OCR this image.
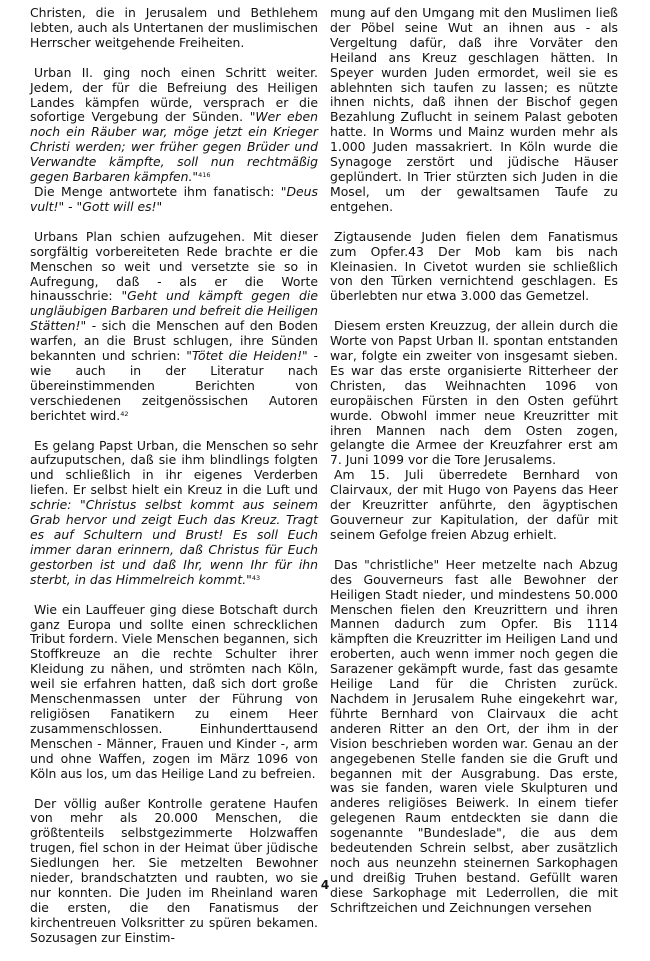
Christen, die in Jerusalem und Bethlehem lebten, auch als Untertanen der muslimischen Herrscher weitgehende Freiheiten.

Urban II. ging noch einen Schritt weiter. Jedem, der für die Befreiung des Heiligen Landes kämpfen würde, versprach er die sofortige Vergebung der Sünden. "Wer eben noch ein Räuber war, möge jetzt ein Krieger Christi werden; wer früher gegen Brüder und Verwandte kämpfte, soll nun rechtmäßig gegen Barbaren kämpfen."$^{416}$

Die Menge antwortete ihm fanatisch: "Deus vult!" - "Gott will es!"

Urbans Plan schien aufzugehen. Mit dieser sorgfältig vorbereiteten Rede brachte er die Menschen so weit und versetzte sie so in Aufregung, daß - als er die Worte hinausschrie: "Geht und kämpft gegen die ungläubigen Barbaren und befreit die Heiligen Stätten!" - sich die Menschen auf den Boden warfen, an die Brust schlugen, ihre Sünden bekannten und schrien: "Tötet die Heiden!" - wie auch in der Literatur nach übereinstimmenden Berichten von verschiedenen zeitgenössischen Autoren berichtet wird.$^{42}$

Es gelang Papst Urban, die Menschen so sehr aufzuputschen, daß sie ihm blindlings folgten und schließlich in ihr eigenes Verderben liefen. Er selbst hielt ein Kreuz in die Luft und schrie: "Christus selbst kommt aus seinem Grab hervor und zeigt Euch das Kreuz. Tragt es auf Schultern und Brust! Es soll Euch immer daran erinnern, daß Christus für Euch gestorben ist und daß Ihr, wenn Ihr für ihn sterbt, in das Himmelreich kommt."$^{43}$

Wie ein Lauffeuer ging diese Botschaft durch ganz Europa und sollte einen schrecklichen Tribut fordern. Viele Menschen begannen, sich Stoffkreuze an die rechte Schulter ihrer Kleidung zu nähen, und strömten nach Köln, weil sie erfahren hatten, daß sich dort große Menschenmassen unter der Führung von religiösen Fanatikern zu einem Heer zusammenschlossen. Einhunderttausend Menschen - Männer, Frauen und Kinder -, arm und ohne Waffen, zogen im März 1096 von Köln aus los, um das Heilige Land zu befreien.

Der völlig außer Kontrolle geratene Haufen von mehr als 20.000 Menschen, die größtenteils selbstgezimmerte Holzwaffen trugen, fiel schon in der Heimat über jüdische Siedlungen her. Sie metzelten Bewohner nieder, brandschatzten und raubten, wo sie nur konnten. Die Juden im Rheinland waren die ersten, die den Fanatismus der kirchentreuen Volksritter zu spüren bekamen. Sozusagen zur Einstim-

mung auf den Umgang mit den Muslimen ließ der Pöbel seine Wut an ihnen aus - als Vergeltung dafür, daß ihre Vorväter den Heiland ans Kreuz geschlagen hätten. In Speyer wurden Juden ermordet, weil sie es ablehnten sich taufen zu lassen; es nützte ihnen nichts, daß ihnen der Bischof gegen Bezahlung Zuflucht in seinem Palast geboten hatte. In Worms und Mainz wurden mehr als 1.000 Juden massakriert. In Köln wurde die Synagoge zerstört und jüdische Häuser geplündert. In Trier stürzten sich Juden in die Mosel, um der gewaltsamen Taufe zu entgehen.

Zigtausende Juden fielen dem Fanatismus zum Opfer.43 Der Mob kam bis nach Kleinasien. In Civetot wurden sie schließlich von den Türken vernichtend geschlagen. Es überlebten nur etwa 3.000 das Gemetzel.

Diesem ersten Kreuzzug, der allein durch die Worte von Papst Urban II. spontan entstanden war, folgte ein zweiter von insgesamt sieben. Es war das erste organisierte Ritterheer der Christen, das Weihnachten 1096 von europäischen Fürsten in den Osten geführt wurde. Obwohl immer neue Kreuzritter mit ihren Mannen nach dem Osten zogen, gelangte die Armee der Kreuzfahrer erst am 7. Juni 1099 vor die Tore Jerusalems.

Am 15. Juli überredete Bernhard von Clairvaux, der mit Hugo von Payens das Heer der Kreuzritter anführte, den ägyptischen Gouverneur zur Kapitulation, der dafür mit seinem Gefolge freien Abzug erhielt.

Das "christliche" Heer metzelte nach Abzug des Gouverneurs fast alle Bewohner der Heiligen Stadt nieder, und mindestens 50.000 Menschen fielen den Kreuzrittern und ihren Mannen dadurch zum Opfer. Bis 1114 kämpften die Kreuzritter im Heiligen Land und eroberten, auch wenn immer noch gegen die Sarazener gekämpft wurde, fast das gesamte Heilige Land für die Christen zurück. Nachdem in Jerusalem Ruhe eingekehrt war, führte Bernhard von Clairvaux die acht anderen Ritter an den Ort, der ihm in der Vision beschrieben worden war. Genau an der angegebenen Stelle fanden sie die Gruft und begannen mit der Ausgrabung. Das erste, was sie fanden, waren viele Skulpturen und anderes religiöses Beiwerk. In einem tiefer gelegenen Raum entdeckten sie dann die sogenannte "Bundeslade", die aus dem bedeutenden Schrein selbst, aber zusätzlich noch aus neunzehn steinernen Sarkophagen und dreißig Truhen bestand. Gefüllt waren diese Sarkophage mit Lederrollen, die mit Schriftzeichen und Zeichnungen versehen

4
